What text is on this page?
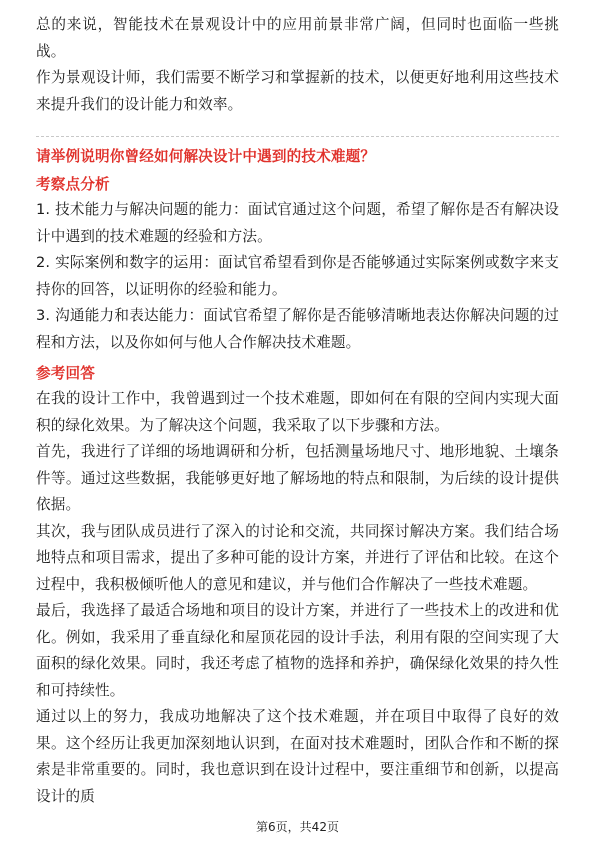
总的来说，智能技术在景观设计中的应用前景非常广阔，但同时也面临一些挑战。

作为景观设计师，我们需要不断学习和掌握新的技术，以便更好地利用这些技术来提升我们的设计能力和效率。

请举例说明你曾经如何解决设计中遇到的技术难题？
考察点分析

1. 技术能力与解决问题的能力：面试官通过这个问题，希望了解你是否有解决设计中遇到的技术难题的经验和方法。

2. 实际案例和数字的运用：面试官希望看到你是否能够通过实际案例或数字来支持你的回答，以证明你的经验和能力。

3. 沟通能力和表达能力：面试官希望了解你是否能够清晰地表达你解决问题的过程和方法，以及你如何与他人合作解决技术难题。

参考回答

在我的设计工作中，我曾遇到过一个技术难题，即如何在有限的空间内实现大面积的绿化效果。为了解决这个问题，我采取了以下步骤和方法。

首先，我进行了详细的场地调研和分析，包括测量场地尺寸、地形地貌、土壤条件等。通过这些数据，我能够更好地了解场地的特点和限制，为后续的设计提供依据。

其次，我与团队成员进行了深入的讨论和交流，共同探讨解决方案。我们结合场地特点和项目需求，提出了多种可能的设计方案，并进行了评估和比较。在这个过程中，我积极倾听他人的意见和建议，并与他们合作解决了一些技术难题。

最后，我选择了最适合场地和项目的设计方案，并进行了一些技术上的改进和优化。例如，我采用了垂直绿化和屋顶花园的设计手法，利用有限的空间实现了大面积的绿化效果。同时，我还考虑了植物的选择和养护，确保绿化效果的持久性和可持续性。

通过以上的努力，我成功地解决了这个技术难题，并在项目中取得了良好的效果。这个经历让我更加深刻地认识到，在面对技术难题时，团队合作和不断的探索是非常重要的。同时，我也意识到在设计过程中，要注重细节和创新，以提高设计的质

第6页，共42页
